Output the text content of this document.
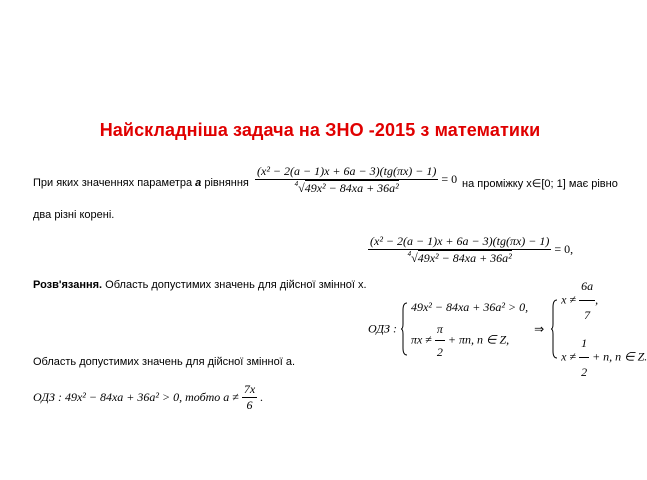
Найскладніша задача на ЗНО -2015 з математики
При яких значеннях параметра a рівняння $\frac{\text{(x² − 2(a − 1)x + 6a − 3)(tg(πx) − 1)}}{^4√49x^2 - 84xa + 36a^2} = 0$ на проміжку x∈[0; 1] має рівно
два різні корені.
$\frac{\text{(x² − 2(a − 1)x + 6a − 3)(tg(πx) − 1)}}{^4√49x^2 - 84xa + 36a^2} = 0$,
Розв'язання. Область допустимих значень для дійсної змінної x.
ОДЗ :
49x² − 84xa + 36a² > 0,
$\pi x \ne \frac{\pi}{2} + \pi n$, n ∈ Z,
⇒
$x \ne \frac{6a}{7}$ ,
$x \ne \frac{1}{2} + n$, n ∈ Z.
Область допустимих значень для дійсної змінної a.
ОДЗ : 49x² − 84xa + 36a² > 0, тобто $a \ne \frac{7x}{6}$ .
